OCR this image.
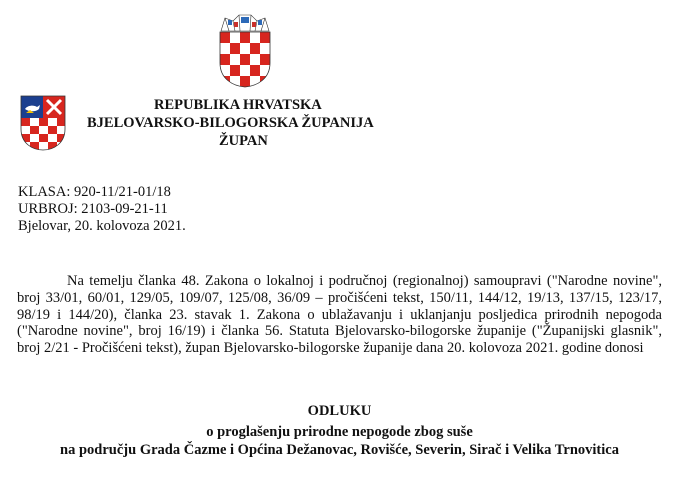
REPUBLIKA HRVATSKA
BJELOVARSKO-BILOGORSKA ŽUPANIJA
ŽUPAN
KLASA: 920-11/21-01/18
URBROJ: 2103-09-21-11
Bjelovar, 20. kolovoza 2021.
Na temelju članka 48. Zakona o lokalnoj i područnoj (regionalnoj) samoupravi ("Narodne novine", broj 33/01, 60/01, 129/05, 109/07, 125/08, 36/09 – pročišćeni tekst, 150/11, 144/12, 19/13, 137/15, 123/17, 98/19 i 144/20), članka 23. stavak 1. Zakona o ublažavanju i uklanjanju posljedica prirodnih nepogoda ("Narodne novine", broj 16/19) i članka 56. Statuta Bjelovarsko-bilogorske županije ("Županijski glasnik", broj 2/21 - Pročišćeni tekst), župan Bjelovarsko-bilogorske županije dana 20. kolovoza 2021. godine donosi
ODLUKU
o proglašenju prirodne nepogode zbog suše
na području Grada Čazme i Općina Dežanovac, Rovišće, Severin, Sirač i Velika Trnovitica
